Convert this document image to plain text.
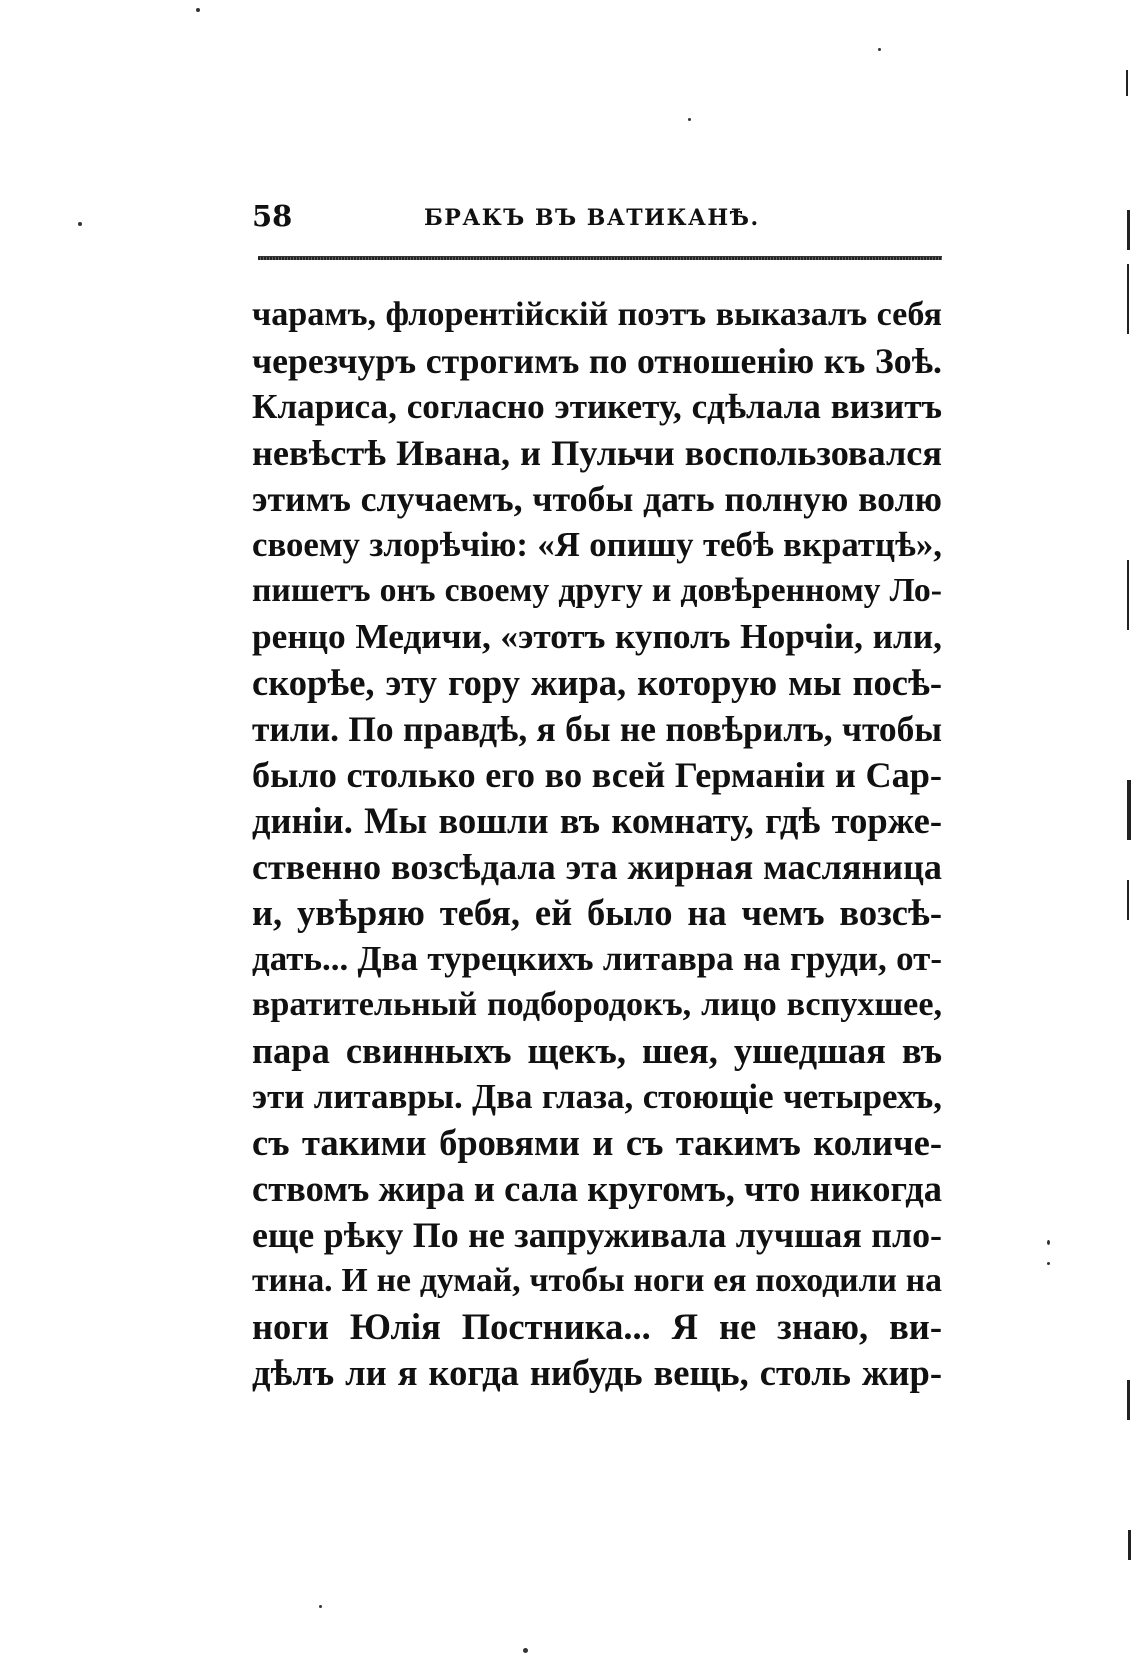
58	БРАКЪ ВЪ ВАТИКАНѢ.
чарамъ, флорентiйскiй поэтъ выказалъ себя
черезчуръ строгимъ по отношенiю къ Зоѣ.
Клариса, согласно этикету, сдѣлала визитъ
невѣстѣ Ивана, и Пульчи воспользовался
этимъ случаемъ, чтобы дать полную волю
своему злорѣчiю: «Я опишу тебѣ вкратцѣ»,
пишетъ онъ своему другу и довѣренному Ло-
ренцо Медичи, «этотъ куполъ Норчiи, или,
скорѣе, эту гору жира, которую мы посѣ-
тили. По правдѣ, я бы не повѣрилъ, чтобы
было столько его во всей Германiи и Сар-
динiи. Мы вошли въ комнату, гдѣ торже-
ственно возсѣдала эта жирная масляница
и, увѣряю тебя, ей было на чемъ возсѣ-
дать... Два турецкихъ литавра на груди, от-
вратительный подбородокъ, лицо вспухшее,
пара свинныхъ щекъ, шея, ушедшая въ
эти литавры. Два глаза, стоющiе четырехъ,
съ такими бровями и съ такимъ количе-
ствомъ жира и сала кругомъ, что никогда
еще рѣку По не запруживала лучшая пло-
тина. И не думай, чтобы ноги ея походили на
ноги Юлiя Постника... Я не знаю, ви-
дѣлъ ли я когда нибудь вещь, столь жир-
